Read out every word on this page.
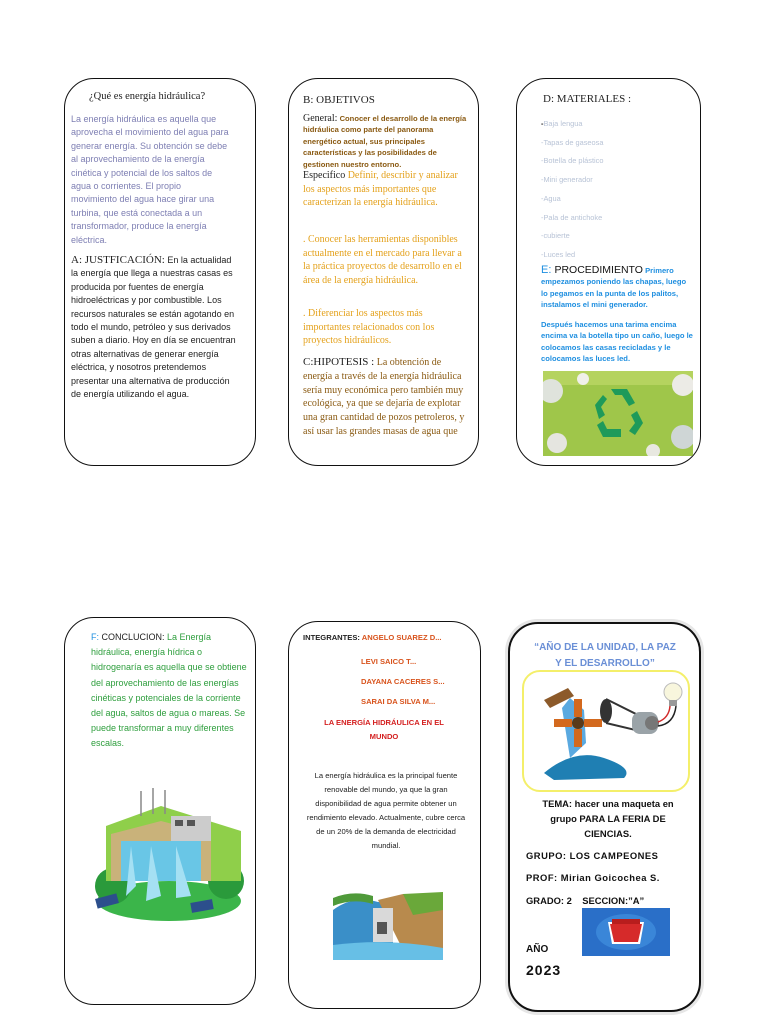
¿Qué es energía hidráulica?

La energía hidráulica es aquella que aprovecha el movimiento del agua para generar energía. Su obtención se debe al aprovechamiento de la energía cinética y potencial de los saltos de agua o corrientes. El propio movimiento del agua hace girar una turbina, que está conectada a un transformador, produce la energía eléctrica.

A: JUSTFICACIÓN: En la actualidad la energía que llega a nuestras casas es producida por fuentes de energía hidroeléctricas y por combustible. Los recursos naturales se están agotando en todo el mundo, petróleo y sus derivados suben a diario. Hoy en día se encuentran otras alternativas de generar energía eléctrica, y nosotros pretendemos presentar una alternativa de producción de energía utilizando el agua.

B: OBJETIVOS

General: Conocer el desarrollo de la energía hidráulica como parte del panorama energético actual, sus principales características y las posibilidades de gestionen nuestro entorno.

Especifico Definir, describir y analizar los aspectos más importantes que caracterizan la energía hidráulica.

. Conocer las herramientas disponibles actualmente en el mercado para llevar a la práctica proyectos de desarrollo en el área de la energía hidráulica.

. Diferenciar los aspectos más importantes relacionados con los proyectos hidráulicos.

C:HIPOTESIS : La obtención de energía a través de la energía hidráulica sería muy económica pero también muy ecológica, ya que se dejaría de explotar una gran cantidad de pozos petroleros, y así usar las grandes masas de agua que

D: MATERIALES :

-Baja lengua
-Tapas de gaseosa
-Botella de plástico
-Mini generador
-Agua
-Pala de antichoke
-cubierte
-Luces led

E: PROCEDIMIENTO Primero empezamos poniendo las chapas, luego lo pegamos en la punta de los palitos, instalamos el mini generador.

Después hacemos una tarima encima encima va la botella tipo un caño, luego le colocamos las casas recicladas y le colocamos las luces led.

F: CONCLUCION: La Energía hidráulica, energía hídrica o hidrogenaría es aquella que se obtiene del aprovechamiento de las energías cinéticas y potenciales de la corriente del agua, saltos de agua o mareas. Se puede transformar a muy diferentes escalas.

INTEGRANTES: ANGELO SUAREZ D...

LEVI SAICO T...

DAYANA CACERES S...

SARAI DA SILVA M...

LA ENERGÍA HIDRÁULICA EN EL MUNDO

La energía hidráulica es la principal fuente renovable del mundo, ya que la gran disponibilidad de agua permite obtener un rendimiento elevado. Actualmente, cubre cerca de un 20% de la demanda de electricidad mundial.

“AÑO DE LA UNIDAD, LA PAZ Y EL DESARROLLO”

TEMA: hacer una maqueta en grupo PARA LA FERIA DE CIENCIAS.

GRUPO: LOS CAMPEONES

PROF: Mirian Goicochea S.

GRADO: 2    SECCION:”A”

AÑO

2023
